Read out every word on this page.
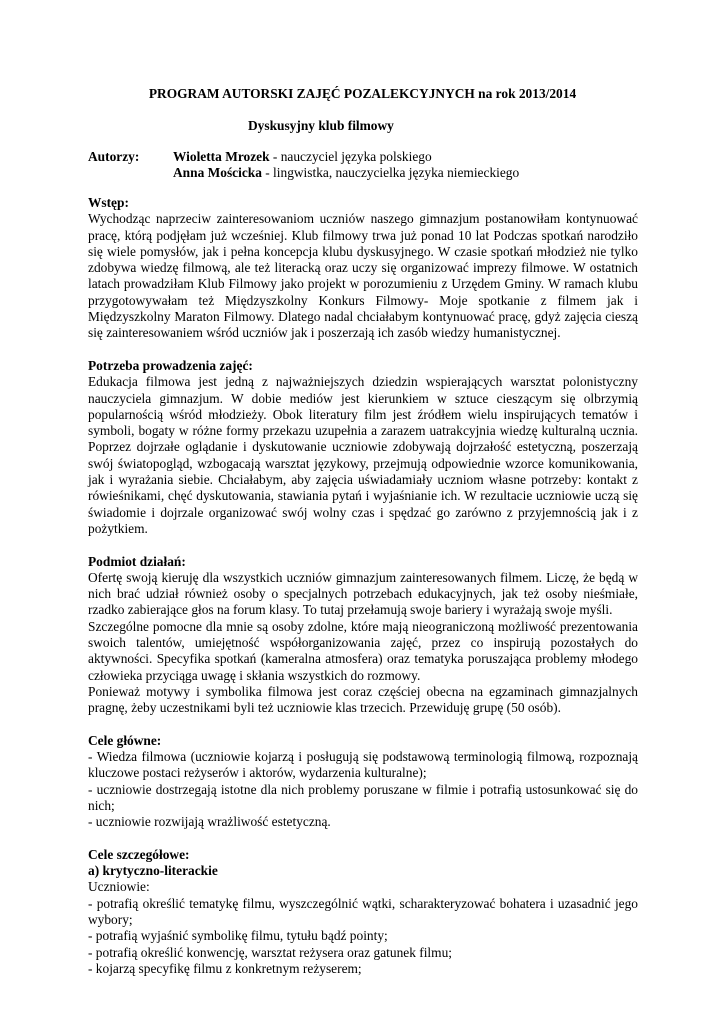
PROGRAM AUTORSKI ZAJĘĆ POZALEKCYJNYCH na rok 2013/2014
Dyskusyjny klub filmowy
Autorzy:	Wioletta Mrozek - nauczyciel języka polskiego
Anna Mościcka - lingwistka, nauczycielka języka niemieckiego
Wstęp:
Wychodząc naprzeciw zainteresowaniom uczniów naszego gimnazjum postanowiłam kontynuować pracę, którą podjęłam już wcześniej. Klub filmowy trwa już ponad 10 lat Podczas spotkań narodziło się wiele pomysłów, jak i pełna koncepcja klubu dyskusyjnego. W czasie spotkań młodzież nie tylko zdobywa wiedzę filmową, ale też literacką oraz uczy się organizować imprezy filmowe. W ostatnich latach prowadziłam Klub Filmowy jako projekt w porozumieniu z Urzędem Gminy. W ramach klubu przygotowywałam też Międzyszkolny Konkurs Filmowy- Moje spotkanie z filmem jak i Międzyszkolny Maraton Filmowy. Dlatego nadal chciałabym kontynuować pracę, gdyż zajęcia cieszą się zainteresowaniem wśród uczniów jak i poszerzają ich zasób wiedzy humanistycznej.
Potrzeba prowadzenia zajęć:
Edukacja filmowa jest jedną z najważniejszych dziedzin wspierających warsztat polonistyczny nauczyciela gimnazjum. W dobie mediów jest kierunkiem w sztuce cieszącym się olbrzymią popularnością wśród młodzieży. Obok literatury film jest źródłem wielu inspirujących tematów i symboli, bogaty w różne formy przekazu uzupełnia a zarazem uatrakcyjnia wiedzę kulturalną ucznia. Poprzez dojrzałe oglądanie i dyskutowanie uczniowie zdobywają dojrzałość estetyczną, poszerzają swój światopogląd, wzbogacają warsztat językowy, przejmują odpowiednie wzorce komunikowania, jak i wyrażania siebie. Chciałabym, aby zajęcia uświadamiały uczniom własne potrzeby: kontakt z rówieśnikami, chęć dyskutowania, stawiania pytań i wyjaśnianie ich. W rezultacie uczniowie uczą się świadomie i dojrzale organizować swój wolny czas i spędzać go zarówno z przyjemnością jak i z pożytkiem.
Podmiot działań:
Ofertę swoją kieruję dla wszystkich uczniów gimnazjum zainteresowanych filmem. Liczę, że będą w nich brać udział również osoby o specjalnych potrzebach edukacyjnych, jak też osoby nieśmiałe, rzadko zabierające głos na forum klasy. To tutaj przełamują swoje bariery i wyrażają swoje myśli.
Szczególne pomocne dla mnie są osoby zdolne, które mają nieograniczoną możliwość prezentowania swoich talentów, umiejętność współorganizowania zajęć, przez co inspirują pozostałych do aktywności. Specyfika spotkań (kameralna atmosfera) oraz tematyka poruszająca problemy młodego człowieka przyciąga uwagę i skłania wszystkich do rozmowy.
Ponieważ motywy i symbolika filmowa jest coraz częściej obecna na egzaminach gimnazjalnych pragnę, żeby uczestnikami byli też uczniowie klas trzecich. Przewiduję grupę (50 osób).
Cele główne:
- Wiedza filmowa (uczniowie kojarzą i posługują się podstawową terminologią filmową, rozpoznają kluczowe postaci reżyserów i aktorów, wydarzenia kulturalne);
- uczniowie dostrzegają istotne dla nich problemy poruszane w filmie i potrafią ustosunkować się do nich;
- uczniowie rozwijają wrażliwość estetyczną.
Cele szczegółowe:
a) krytyczno-literackie
Uczniowie:
- potrafią określić tematykę filmu, wyszczególnić wątki, scharakteryzować bohatera i uzasadnić jego wybory;
- potrafią wyjaśnić symbolikę filmu, tytułu bądź pointy;
- potrafią określić konwencję, warsztat reżysera oraz gatunek filmu;
- kojarzą specyfikę filmu z konkretnym reżyserem;
